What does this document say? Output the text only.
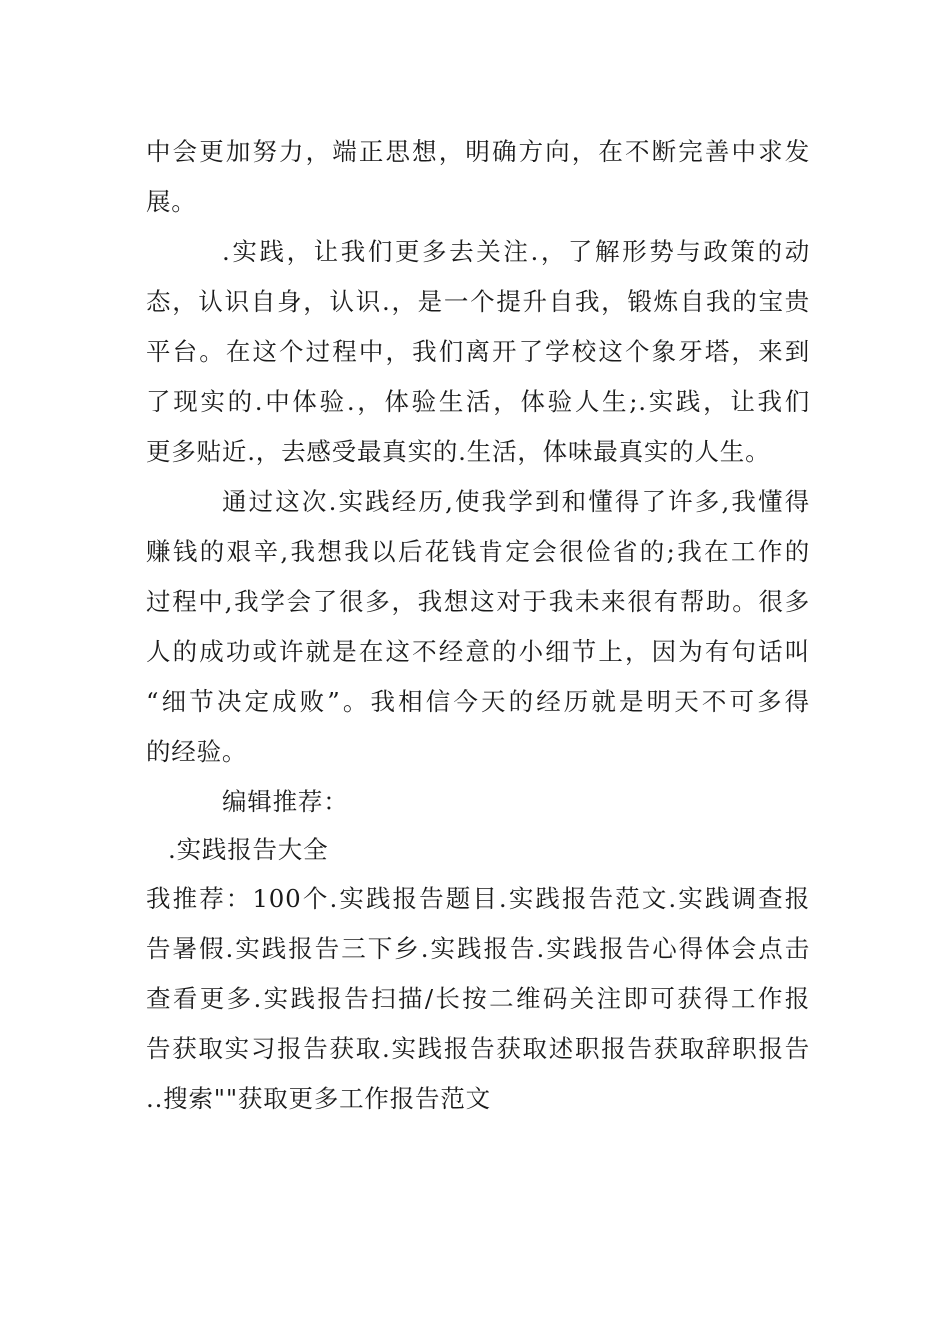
中会更加努力，端正思想，明确方向，在不断完善中求发
展。
.实践，让我们更多去关注.，了解形势与政策的动
态，认识自身，认识.，是一个提升自我，锻炼自我的宝贵
平台。在这个过程中，我们离开了学校这个象牙塔，来到
了现实的.中体验.，体验生活，体验人生;.实践，让我们
更多贴近.，去感受最真实的.生活，体味最真实的人生。
通过这次.实践经历,使我学到和懂得了许多,我懂得
赚钱的艰辛,我想我以后花钱肯定会很俭省的;我在工作的
过程中,我学会了很多，我想这对于我未来很有帮助。很多
人的成功或许就是在这不经意的小细节上，因为有句话叫
“细节决定成败”。我相信今天的经历就是明天不可多得
的经验。
编辑推荐：
.实践报告大全
我推荐：100个.实践报告题目.实践报告范文.实践调查报
告暑假.实践报告三下乡.实践报告.实践报告心得体会点击
查看更多.实践报告扫描/长按二维码关注即可获得工作报
告获取实习报告获取.实践报告获取述职报告获取辞职报告
..搜索""获取更多工作报告范文
